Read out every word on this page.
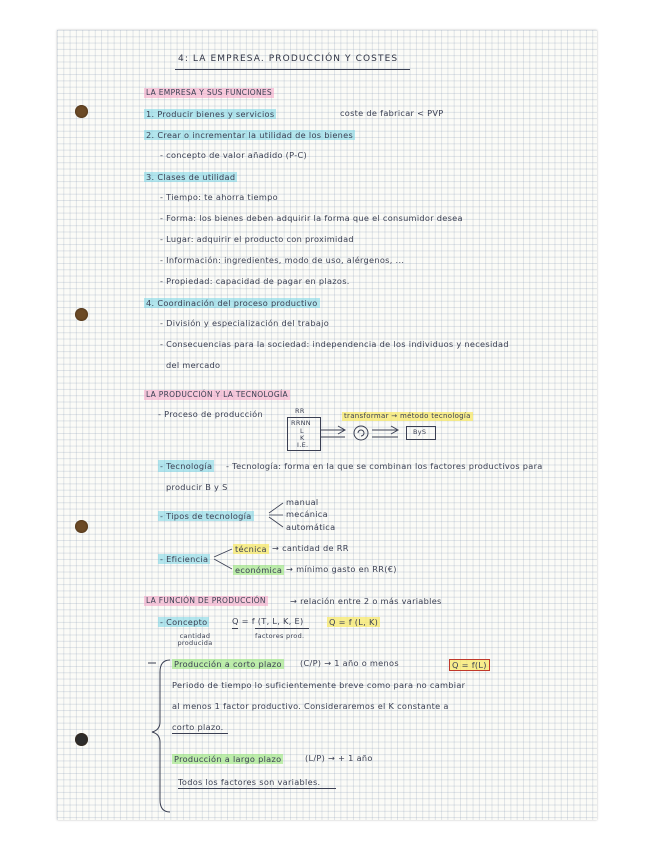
4: LA EMPRESA. PRODUCCIÓN Y COSTES
LA EMPRESA Y SUS FUNCIONES
1. Producir bienes y servicios	coste de fabricar < PVP
2. Crear o incrementar la utilidad de los bienes
- concepto de valor añadido (P-C)
3. Clases de utilidad
- Tiempo: te ahorra tiempo
- Forma: los bienes deben adquirir la forma que el consumidor desea
- Lugar: adquirir el producto con proximidad
- Información: ingredientes, modo de uso, alérgenos, ...
- Propiedad: capacidad de pagar en plazos.
4. Coordinación del proceso productivo
- División y especialización del trabajo
- Consecuencias para la sociedad: independencia de los individuos y necesidad
del mercado
LA PRODUCCIÓN Y LA TECNOLOGÍA
- Proceso de producción	RR
RRNN
L
K
I.E.
transformar → método tecnología
ByS
- Tecnología - Tecnología: forma en la que se combinan los factores productivos para
producir B y S
- Tipos de tecnología
manual
mecánica
automática
- Eficiencia
técnica → cantidad de RR
económica → mínimo gasto en RR(€)
LA FUNCIÓN DE PRODUCCIÓN	→ relación entre 2 o más variables
- Concepto	Q = f (T, L, K, E)	Q = f (L, K)
cantidad producida
factores prod.
Producción a corto plazo (C/P) → 1 año o menos	Q = f(L)
Periodo de tiempo lo suficientemente breve como para no cambiar
al menos 1 factor productivo. Consideraremos el K constante a
corto plazo.
Producción a largo plazo	(L/P) → + 1 año
Todos los factores son variables.
